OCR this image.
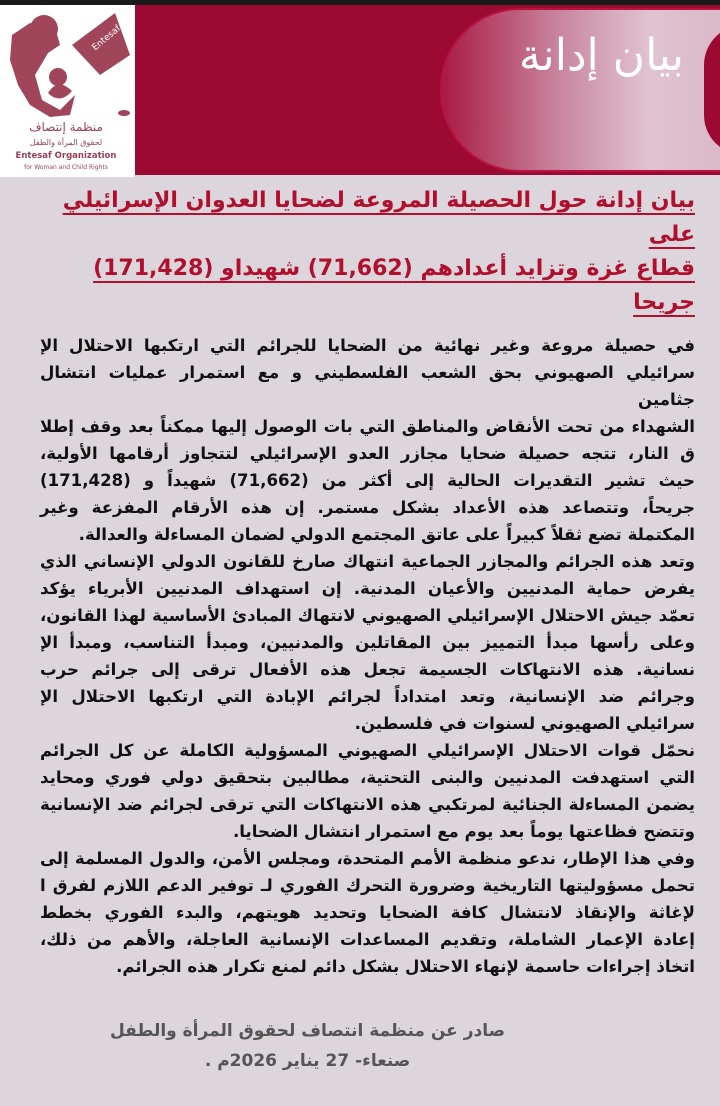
Entesaf
منظمة إنتصاف
لحقوق المرأة والطفل
Entesaf Organization
for Woman and Child Rights
بيان إدانة
بيان إدانة حول الحصيلة المروعة لضحايا العدوان الإسرائيلي على
قطاع غزة وتزايد أعدادهم (71,662) شهيداو (171,428) جريحا
في حصيلة مروعة وغير نهائية من الضحايا للجرائم التي ارتكبها الاحتلال الإ
سرائيلي الصهيوني بحق الشعب الفلسطيني و مع استمرار عمليات انتشال جثامين
الشهداء من تحت الأنقاض والمناطق التي بات الوصول إليها ممكناً بعد وقف إطلا
ق النار، تتجه حصيلة ضحايا مجازر العدو الإسرائيلي لتتجاوز أرقامها الأولية،
حيث تشير التقديرات الحالية إلى أكثر من (71,662) شهيداً و (171,428)
جريحاً، وتتصاعد هذه الأعداد بشكل مستمر. إن هذه الأرقام المفزعة وغير
المكتملة تضع ثقلاً كبيراً على عاتق المجتمع الدولي لضمان المساءلة والعدالة.
وتعد هذه الجرائم والمجازر الجماعية انتهاك صارخ للقانون الدولي الإنساني الذي
يفرض حماية المدنيين والأعيان المدنية. إن استهداف المدنيين الأبرياء يؤكد
تعمّد جيش الاحتلال الإسرائيلي الصهيوني لانتهاك المبادئ الأساسية لهذا القانون،
وعلى رأسها مبدأ التمييز بين المقاتلين والمدنيين، ومبدأ التناسب، ومبدأ الإ
نسانية. هذه الانتهاكات الجسيمة تجعل هذه الأفعال ترقى إلى جرائم حرب
وجرائم ضد الإنسانية، وتعد امتداداً لجرائم الإبادة التي ارتكبها الاحتلال الإ
سرائيلي الصهيوني لسنوات في فلسطين.
نحمّل قوات الاحتلال الإسرائيلي الصهيوني المسؤولية الكاملة عن كل الجرائم
التي استهدفت المدنيين والبنى التحتية، مطالبين بتحقيق دولي فوري ومحايد
يضمن المساءلة الجنائية لمرتكبي هذه الانتهاكات التي ترقى لجرائم ضد الإنسانية
وتتضح فظاعتها يوماً بعد يوم مع استمرار انتشال الضحايا.
وفي هذا الإطار، ندعو منظمة الأمم المتحدة، ومجلس الأمن، والدول المسلمة إلى
تحمل مسؤوليتها التاريخية وضرورة التحرك الفوري لـ توفير الدعم اللازم لفرق ا
لإغاثة والإنقاذ لانتشال كافة الضحايا وتحديد هويتهم، والبدء الفوري بخطط
إعادة الإعمار الشاملة، وتقديم المساعدات الإنسانية العاجلة، والأهم من ذلك،
اتخاذ إجراءات حاسمة لإنهاء الاحتلال بشكل دائم لمنع تكرار هذه الجرائم.
صادر عن منظمة انتصاف لحقوق المرأة والطفل
صنعاء- 27 يناير 2026م .
